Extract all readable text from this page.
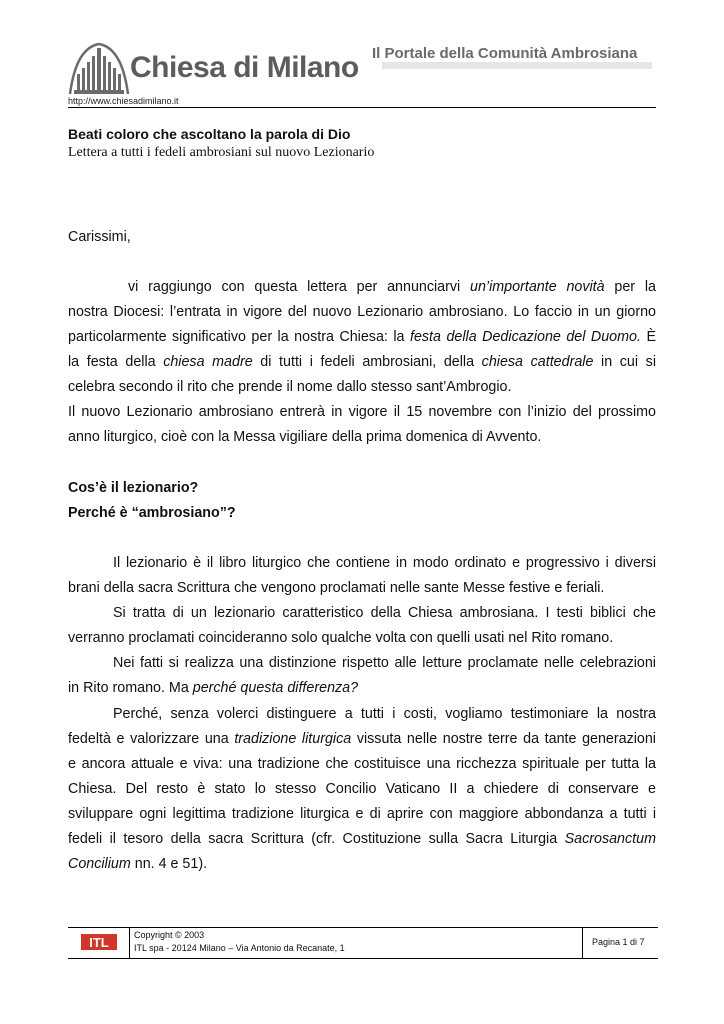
Chiesa di Milano Il Portale della Comunità Ambrosiana
http://www.chiesadimilano.it
Beati coloro che ascoltano la parola di Dio
Lettera a tutti i fedeli ambrosiani sul nuovo Lezionario
Carissimi,
vi raggiungo con questa lettera per annunciarvi un’importante novità per la
nostra Diocesi: l’entrata in vigore del nuovo Lezionario ambrosiano. Lo faccio in un giorno
particolarmente significativo per la nostra Chiesa: la festa della Dedicazione del Duomo. È
la festa della chiesa madre di tutti i fedeli ambrosiani, della chiesa cattedrale in cui si
celebra secondo il rito che prende il nome dallo stesso sant’Ambrogio.
Il nuovo Lezionario ambrosiano entrerà in vigore il 15 novembre con l’inizio del prossimo
anno liturgico, cioè con la Messa vigiliare della prima domenica di Avvento.
Cos’è il lezionario?
Perché è “ambrosiano”?
Il lezionario è il libro liturgico che contiene in modo ordinato e progressivo i diversi
brani della sacra Scrittura che vengono proclamati nelle sante Messe festive e feriali.
Si tratta di un lezionario caratteristico della Chiesa ambrosiana. I testi biblici che
verranno proclamati coincideranno solo qualche volta con quelli usati nel Rito romano.
Nei fatti si realizza una distinzione rispetto alle letture proclamate nelle celebrazioni
in Rito romano. Ma perché questa differenza?
Perché, senza volerci distinguere a tutti i costi, vogliamo testimoniare la nostra
fedeltà e valorizzare una tradizione liturgica vissuta nelle nostre terre da tante generazioni
e ancora attuale e viva: una tradizione che costituisce una ricchezza spirituale per tutta la
Chiesa. Del resto è stato lo stesso Concilio Vaticano II a chiedere di conservare e
sviluppare ogni legittima tradizione liturgica e di aprire con maggiore abbondanza a tutti i
fedeli il tesoro della sacra Scrittura (cfr. Costituzione sulla Sacra Liturgia Sacrosanctum
Concilium nn. 4 e 51).
ITL	Copyright © 2003
ITL spa - 20124 Milano – Via Antonio da Recanate, 1
Pagina 1 di 7
